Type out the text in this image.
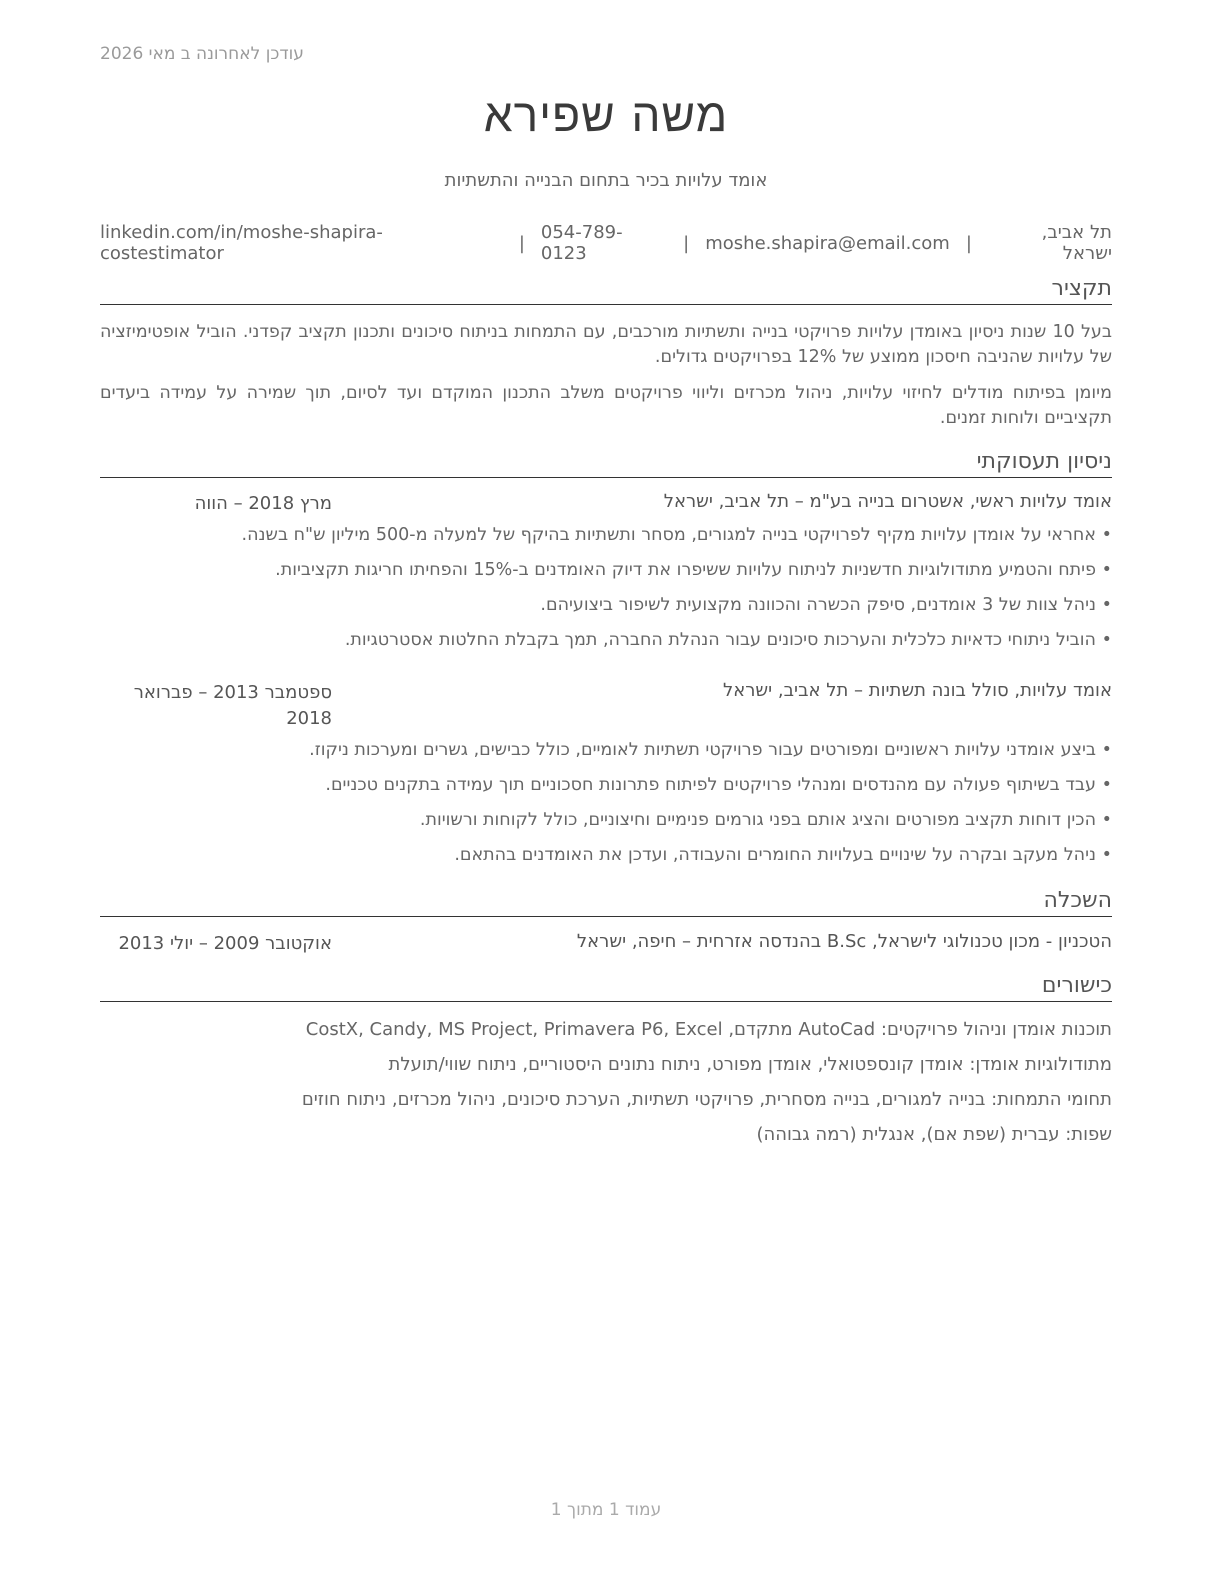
עודכן לאחרונה ב מאי 2026
משה שפירא
אומד עלויות בכיר בתחום הבנייה והתשתיות
תל אביב, ישראל
|
moshe.shapira@email.com
|
054-789-0123
|
linkedin.com/in/moshe-shapira-costestimator
תקציר
בעל 10 שנות ניסיון באומדן עלויות פרויקטי בנייה ותשתיות מורכבים, עם התמחות בניתוח סיכונים ותכנון תקציב קפדני. הוביל אופטימיזציה של עלויות שהניבה חיסכון ממוצע של 12% בפרויקטים גדולים.
מיומן בפיתוח מודלים לחיזוי עלויות, ניהול מכרזים וליווי פרויקטים משלב התכנון המוקדם ועד לסיום, תוך שמירה על עמידה ביעדים תקציביים ולוחות זמנים.
ניסיון תעסוקתי
אומד עלויות ראשי, אשטרום בנייה בע"מ – תל אביב, ישראל
מרץ 2018 – הווה
• אחראי על אומדן עלויות מקיף לפרויקטי בנייה למגורים, מסחר ותשתיות בהיקף של למעלה מ-500 מיליון ש"ח בשנה.
• פיתח והטמיע מתודולוגיות חדשניות לניתוח עלויות ששיפרו את דיוק האומדנים ב-15% והפחיתו חריגות תקציביות.
• ניהל צוות של 3 אומדנים, סיפק הכשרה והכוונה מקצועית לשיפור ביצועיהם.
• הוביל ניתוחי כדאיות כלכלית והערכות סיכונים עבור הנהלת החברה, תמך בקבלת החלטות אסטרטגיות.
אומד עלויות, סולל בונה תשתיות – תל אביב, ישראל
ספטמבר 2013 – פברואר 2018
• ביצע אומדני עלויות ראשוניים ומפורטים עבור פרויקטי תשתיות לאומיים, כולל כבישים, גשרים ומערכות ניקוז.
• עבד בשיתוף פעולה עם מהנדסים ומנהלי פרויקטים לפיתוח פתרונות חסכוניים תוך עמידה בתקנים טכניים.
• הכין דוחות תקציב מפורטים והציג אותם בפני גורמים פנימיים וחיצוניים, כולל לקוחות ורשויות.
• ניהל מעקב ובקרה על שינויים בעלויות החומרים והעבודה, ועדכן את האומדנים בהתאם.
השכלה
הטכניון - מכון טכנולוגי לישראל, B.Sc בהנדסה אזרחית – חיפה, ישראל
אוקטובר 2009 – יולי 2013
כישורים
תוכנות אומדן וניהול פרויקטים: AutoCad מתקדם, CostX, Candy, MS Project, Primavera P6, Excel
מתודולוגיות אומדן: אומדן קונספטואלי, אומדן מפורט, ניתוח נתונים היסטוריים, ניתוח שווי/תועלת
תחומי התמחות: בנייה למגורים, בנייה מסחרית, פרויקטי תשתיות, הערכת סיכונים, ניהול מכרזים, ניתוח חוזים
שפות: עברית (שפת אם), אנגלית (רמה גבוהה)
עמוד 1 מתוך 1
